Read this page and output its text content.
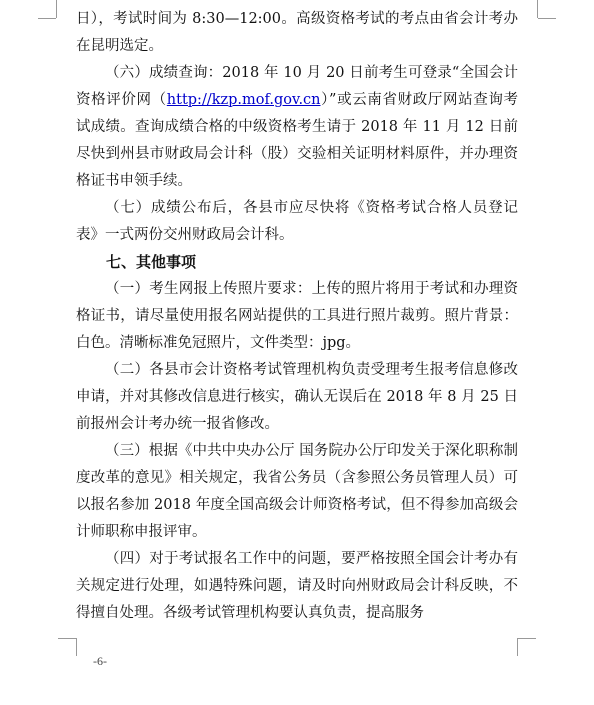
日），考试时间为 8:30—12:00。高级资格考试的考点由省会计考办在昆明选定。

（六）成绩查询：2018 年 10 月 20 日前考生可登录“全国会计资格评价网（http://kzp.mof.gov.cn）”或云南省财政厅网站查询考试成绩。查询成绩合格的中级资格考生请于 2018 年 11 月 12 日前尽快到州县市财政局会计科（股）交验相关证明材料原件，并办理资格证书申领手续。

（七）成绩公布后，各县市应尽快将《资格考试合格人员登记表》一式两份交州财政局会计科。

七、其他事项

（一）考生网报上传照片要求：上传的照片将用于考试和办理资格证书，请尽量使用报名网站提供的工具进行照片裁剪。照片背景：白色。清晰标准免冠照片，文件类型：jpg。

（二）各县市会计资格考试管理机构负责受理考生报考信息修改申请，并对其修改信息进行核实，确认无误后在 2018 年 8 月 25 日前报州会计考办统一报省修改。

（三）根据《中共中央办公厅 国务院办公厅印发关于深化职称制度改革的意见》相关规定，我省公务员（含参照公务员管理人员）可以报名参加 2018 年度全国高级会计师资格考试，但不得参加高级会计师职称申报评审。

（四）对于考试报名工作中的问题，要严格按照全国会计考办有关规定进行处理，如遇特殊问题，请及时向州财政局会计科反映，不得擅自处理。各级考试管理机构要认真负责，提高服务

-6-
